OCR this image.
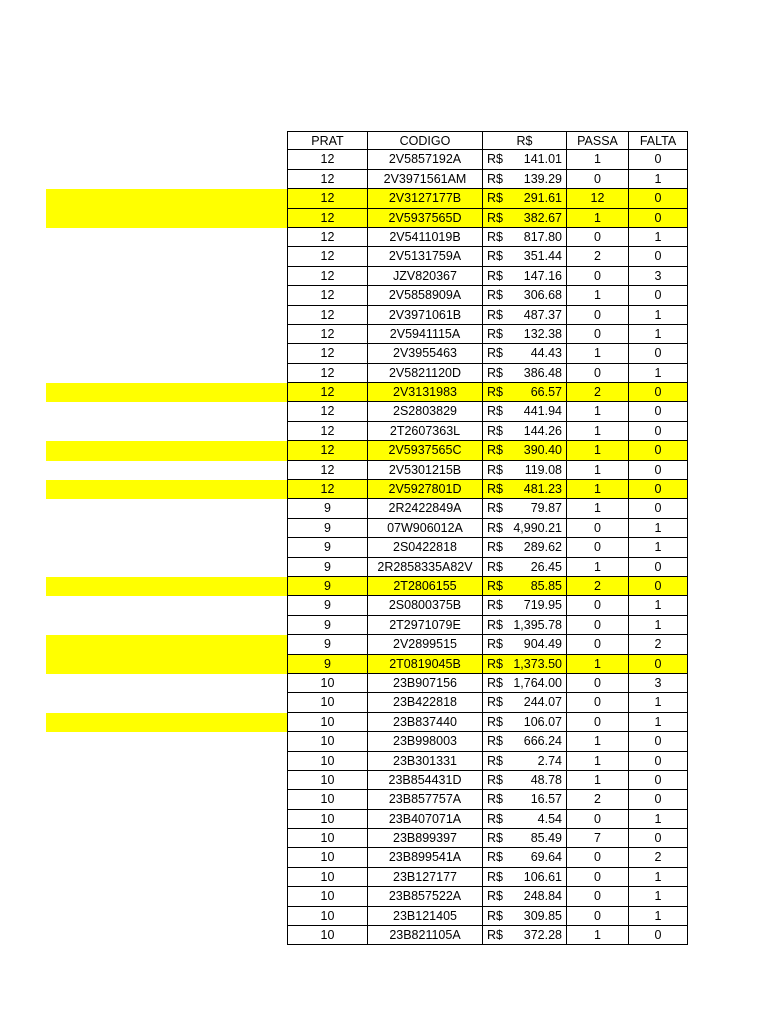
PRAT	CODIGO	R$	PASSA	FALTA
12	2V5857192A	R$	141.01	1	0
12	2V3971561AM	R$	139.29	0	1
12	2V3127177B	R$	291.61	12	0
12	2V5937565D	R$	382.67	1	0
12	2V5411019B	R$	817.80	0	1
12	2V5131759A	R$	351.44	2	0
12	JZV820367	R$	147.16	0	3
12	2V5858909A	R$	306.68	1	0
12	2V3971061B	R$	487.37	0	1
12	2V5941115A	R$	132.38	0	1
12	2V3955463	R$	44.43	1	0
12	2V5821120D	R$	386.48	0	1
12	2V3131983	R$	66.57	2	0
12	2S2803829	R$	441.94	1	0
12	2T2607363L	R$	144.26	1	0
12	2V5937565C	R$	390.40	1	0
12	2V5301215B	R$	119.08	1	0
12	2V5927801D	R$	481.23	1	0
9	2R2422849A	R$	79.87	1	0
9	07W906012A	R$ 4,990.21	0	1
9	2S0422818	R$	289.62	0	1
9	2R2858335A82V	R$	26.45	1	0
9	2T2806155	R$	85.85	2	0
9	2S0800375B	R$	719.95	0	1
9	2T2971079E	R$ 1,395.78	0	1
9	2V2899515	R$	904.49	0	2
9	2T0819045B	R$ 1,373.50	1	0
10	23B907156	R$ 1,764.00	0	3
10	23B422818	R$	244.07	0	1
10	23B837440	R$	106.07	0	1
10	23B998003	R$	666.24	1	0
10	23B301331	R$	2.74	1	0
10	23B854431D	R$	48.78	1	0
10	23B857757A	R$	16.57	2	0
10	23B407071A	R$	4.54	0	1
10	23B899397	R$	85.49	7	0
10	23B899541A	R$	69.64	0	2
10	23B127177	R$	106.61	0	1
10	23B857522A	R$	248.84	0	1
10	23B121405	R$	309.85	0	1
10	23B821105A	R$	372.28	1	0
